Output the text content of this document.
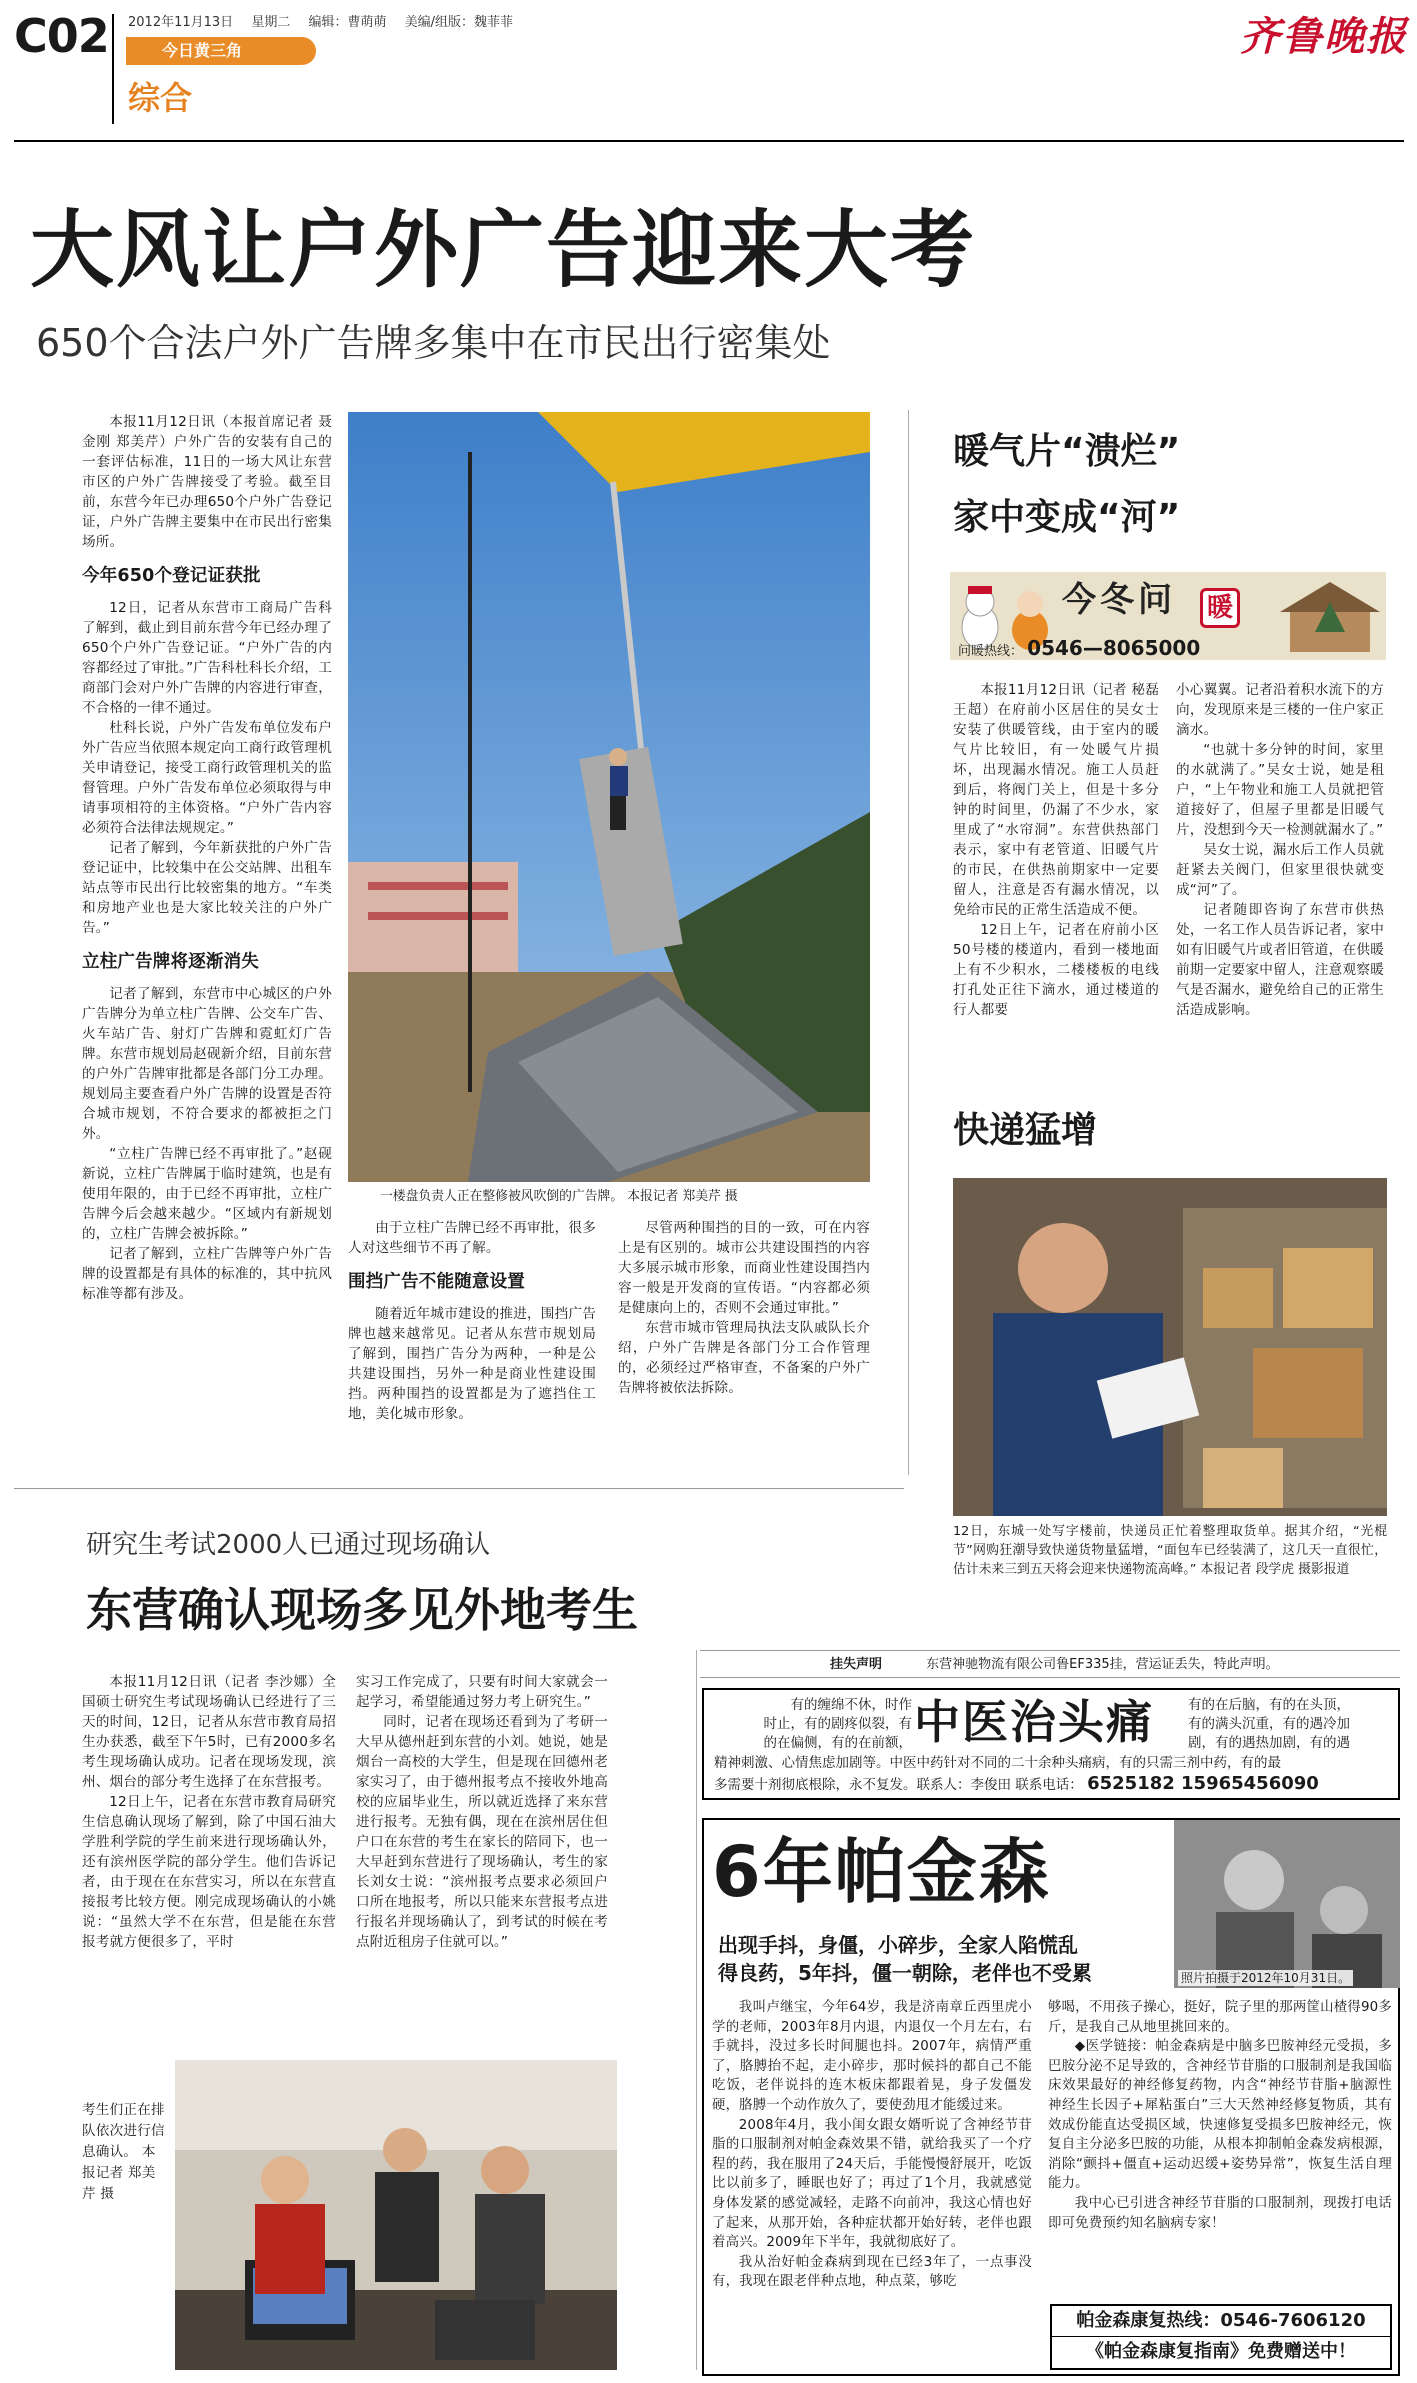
C02 2012年11月13日 星期二 编辑：曹萌萌 美编/组版：魏菲菲
今日黄三角
综合
齐鲁晚报
大风让户外广告迎来大考
650个合法户外广告牌多集中在市民出行密集处

本报11月12日讯（本报首席记者 聂金刚 郑美芹）户外广告的安装有自己的一套评估标准，11日的一场大风让东营市区的户外广告牌接受了考验。截至目前，东营今年已办理650个户外广告登记证，户外广告牌主要集中在市民出行密集场所。

今年650个登记证获批

12日，记者从东营市工商局广告科了解到，截止到目前东营今年已经办理了650个户外广告登记证。“户外广告的内容都经过了审批。”广告科杜科长介绍，工商部门会对户外广告牌的内容进行审查，不合格的一律不通过。

杜科长说，户外广告发布单位发布户外广告应当依照本规定向工商行政管理机关申请登记，接受工商行政管理机关的监督管理。户外广告发布单位必须取得与申请事项相符的主体资格。“户外广告内容必须符合法律法规规定。”

记者了解到，今年新获批的户外广告登记证中，比较集中在公交站牌、出租车站点等市民出行比较密集的地方。“车类和房地产业也是大家比较关注的户外广告。”

立柱广告牌将逐渐消失

记者了解到，东营市中心城区的户外广告牌分为单立柱广告牌、公交车广告、火车站广告、射灯广告牌和霓虹灯广告牌。东营市规划局赵砚新介绍，目前东营的户外广告牌审批都是各部门分工办理。规划局主要查看户外广告牌的设置是否符合城市规划，不符合要求的都被拒之门外。

“立柱广告牌已经不再审批了。”赵砚新说，立柱广告牌属于临时建筑，也是有使用年限的，由于已经不再审批，立柱广告牌今后会越来越少。“区域内有新规划的，立柱广告牌会被拆除。”

记者了解到，立柱广告牌等户外广告牌的设置都是有具体的标准的，其中抗风标准等都有涉及。

一楼盘负责人正在整修被风吹倒的广告牌。 本报记者 郑美芹 摄

由于立柱广告牌已经不再审批，很多人对这些细节不再了解。

围挡广告不能随意设置

随着近年城市建设的推进，围挡广告牌也越来越常见。记者从东营市规划局了解到，围挡广告分为两种，一种是公共建设围挡，另外一种是商业性建设围挡。两种围挡的设置都是为了遮挡住工地，美化城市形象。

尽管两种围挡的目的一致，可在内容上是有区别的。城市公共建设围挡的内容大多展示城市形象，而商业性建设围挡内容一般是开发商的宣传语。“内容都必须是健康向上的，否则不会通过审批。”

东营市城市管理局执法支队戚队长介绍，户外广告牌是各部门分工合作管理的，必须经过严格审查，不备案的户外广告牌将被依法拆除。

暖气片“溃烂”
家中变成“河”
今冬问 暖
问暖热线： 0546—8065000

本报11月12日讯（记者 秘磊 王超）在府前小区居住的吴女士安装了供暖管线，由于室内的暖气片比较旧，有一处暖气片损坏，出现漏水情况。施工人员赶到后，将阀门关上，但是十多分钟的时间里，仍漏了不少水，家里成了“水帘洞”。东营供热部门表示，家中有老管道、旧暖气片的市民，在供热前期家中一定要留人，注意是否有漏水情况，以免给市民的正常生活造成不便。

12日上午，记者在府前小区50号楼的楼道内，看到一楼地面上有不少积水，二楼楼板的电线打孔处正往下滴水，通过楼道的行人都要

小心翼翼。记者沿着积水流下的方向，发现原来是三楼的一住户家正滴水。

“也就十多分钟的时间，家里的水就满了。”吴女士说，她是租户，“上午物业和施工人员就把管道接好了，但屋子里都是旧暖气片，没想到今天一检测就漏水了。”

吴女士说，漏水后工作人员就赶紧去关阀门，但家里很快就变成“河”了。

记者随即咨询了东营市供热处，一名工作人员告诉记者，家中如有旧暖气片或者旧管道，在供暖前期一定要家中留人，注意观察暖气是否漏水，避免给自己的正常生活造成影响。

快递猛增
12日，东城一处写字楼前，快递员正忙着整理取货单。据其介绍，“光棍节”网购狂潮导致快递货物量猛增，“面包车已经装满了，这几天一直很忙，估计未来三到五天将会迎来快递物流高峰。” 本报记者 段学虎 摄影报道
研究生考试2000人已通过现场确认
东营确认现场多见外地考生

本报11月12日讯（记者 李沙娜）全国硕士研究生考试现场确认已经进行了三天的时间，12日，记者从东营市教育局招生办获悉，截至下午5时，已有2000多名考生现场确认成功。记者在现场发现，滨州、烟台的部分考生选择了在东营报考。

12日上午，记者在东营市教育局研究生信息确认现场了解到，除了中国石油大学胜利学院的学生前来进行现场确认外，还有滨州医学院的部分学生。他们告诉记者，由于现在在东营实习，所以在东营直接报考比较方便。刚完成现场确认的小姚说：“虽然大学不在东营，但是能在东营报考就方便很多了，平时

实习工作完成了，只要有时间大家就会一起学习，希望能通过努力考上研究生。”

同时，记者在现场还看到为了考研一大早从德州赶到东营的小刘。她说，她是烟台一高校的大学生，但是现在回德州老家实习了，由于德州报考点不接收外地高校的应届毕业生，所以就近选择了来东营进行报考。无独有偶，现在在滨州居住但户口在东营的考生在家长的陪同下，也一大早赶到东营进行了现场确认，考生的家长刘女士说：“滨州报考点要求必须回户口所在地报考，所以只能来东营报考点进行报名并现场确认了，到考试的时候在考点附近租房子住就可以。”

考生们正在排队依次进行信息确认。 本报记者 郑美芹 摄
挂失声明	东营神驰物流有限公司鲁EF335挂，营运证丢失，特此声明。
有的缠绵不休，时作
时止，有的剧疼似裂，有
的在偏侧，有的在前额， 中医治头痛	有的在后脑，有的在头顶，
有的满头沉重，有的遇冷加
剧，有的遇热加剧，有的遇
精神刺激、心情焦虑加剧等。中医中药针对不同的二十余种头痛病，有的只需三剂中药，有的最
多需要十剂彻底根除，永不复发。联系人：李俊田 联系电话： 6525182 15965456090
6年帕金森
出现手抖，身僵，小碎步，全家人陷慌乱
得良药，5年抖，僵一朝除，老伴也不受累	照片拍摄于2012年10月31日。

我叫卢继宝，今年64岁，我是济南章丘西里虎小学的老师，2003年8月内退，内退仅一个月左右，右手就抖，没过多长时间腿也抖。2007年，病情严重了，胳膊抬不起，走小碎步，那时候抖的都自己不能吃饭，老伴说抖的连木板床都跟着晃，身子发僵发硬，胳膊一个动作放久了，要使劲甩才能缓过来。

2008年4月，我小闺女跟女婿听说了含神经节苷脂的口服制剂对帕金森效果不错，就给我买了一个疗程的药，我在服用了24天后，手能慢慢舒展开，吃饭比以前多了，睡眠也好了；再过了1个月，我就感觉身体发紧的感觉减轻，走路不向前冲，我这心情也好了起来，从那开始，各种症状都开始好转，老伴也跟着高兴。2009年下半年，我就彻底好了。

我从治好帕金森病到现在已经3年了，一点事没有，我现在跟老伴种点地，种点菜，够吃

够喝，不用孩子操心，挺好，院子里的那两筐山楂得90多斤，是我自己从地里挑回来的。

◆医学链接：帕金森病是中脑多巴胺神经元受损，多巴胺分泌不足导致的，含神经节苷脂的口服制剂是我国临床效果最好的神经修复药物，内含“神经节苷脂+脑源性神经生长因子+犀粘蛋白”三大天然神经修复物质，其有效成份能直达受损区域，快速修复受损多巴胺神经元，恢复自主分泌多巴胺的功能，从根本抑制帕金森发病根源，消除“颤抖+僵直+运动迟缓+姿势异常”，恢复生活自理能力。

我中心已引进含神经节苷脂的口服制剂，现拨打电话即可免费预约知名脑病专家！

帕金森康复热线：0546-7606120
《帕金森康复指南》免费赠送中！
